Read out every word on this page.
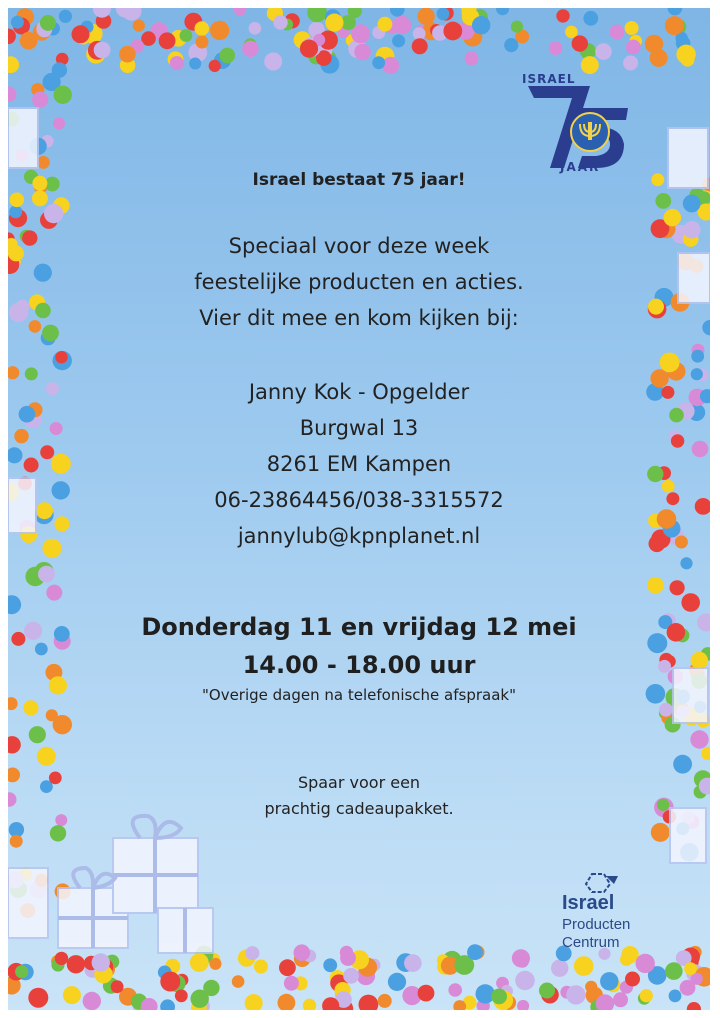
ISRAEL
JAAR
Israel bestaat 75 jaar!
Speciaal voor deze week
feestelijke producten en acties.
Vier dit mee en kom kijken bij:
Janny Kok - Opgelder
Burgwal 13
8261 EM Kampen
06-23864456/038-3315572
jannylub@kpnplanet.nl
Donderdag 11 en vrijdag 12 mei
14.00 - 18.00 uur
"Overige dagen na telefonische afspraak"
Spaar voor een
prachtig cadeaupakket.
Israel
Producten
Centrum
